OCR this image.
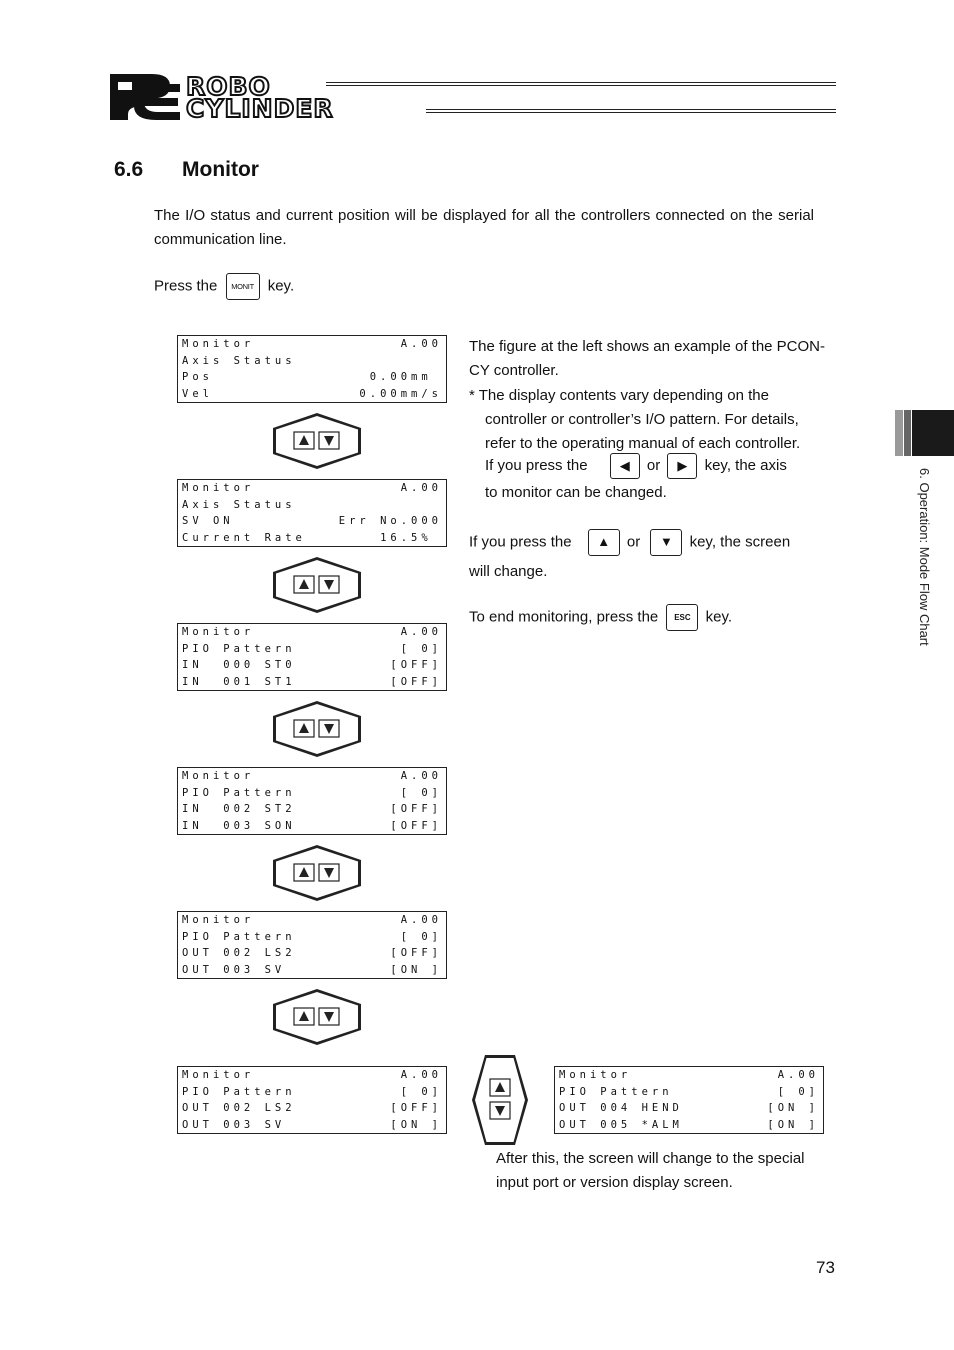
ROBO
CYLINDER
6.6 Monitor
The I/O status and current position will be displayed for all the controllers connected on the serial communication line.
Press the MONIT key.
Monitor	A.00
Axis Status
Pos	0.00mm
Vel	0.00mm/s
Monitor	A.00
Axis Status
SV ON	Err No.000
Current Rate	16.5%
Monitor	A.00
PIO Pattern	[ 0]
IN  000 ST0	[OFF]
IN  001 ST1	[OFF]
Monitor	A.00
PIO Pattern	[ 0]
IN  002 ST2	[OFF]
IN  003 SON	[OFF]
Monitor	A.00
PIO Pattern	[ 0]
OUT 002 LS2	[OFF]
OUT 003 SV	[ON ]
Monitor	A.00
PIO Pattern	[ 0]
OUT 002 LS2	[OFF]
OUT 003 SV	[ON ]
Monitor	A.00
PIO Pattern	[ 0]
OUT 004 HEND	[ON ]
OUT 005 *ALM	[ON ]
The figure at the left shows an example of the PCON-CY controller.
* The display contents vary depending on the controller or controller’s I/O pattern. For details, refer to the operating manual of each controller.
If you press the ◀ or ▶ key, the axis
to monitor can be changed.
If you press the ▲ or ▼ key, the screen
will change.
To end monitoring, press the ESC key.
After this, the screen will change to the special input port or version display screen.
6. Operation: Mode Flow Chart
73
